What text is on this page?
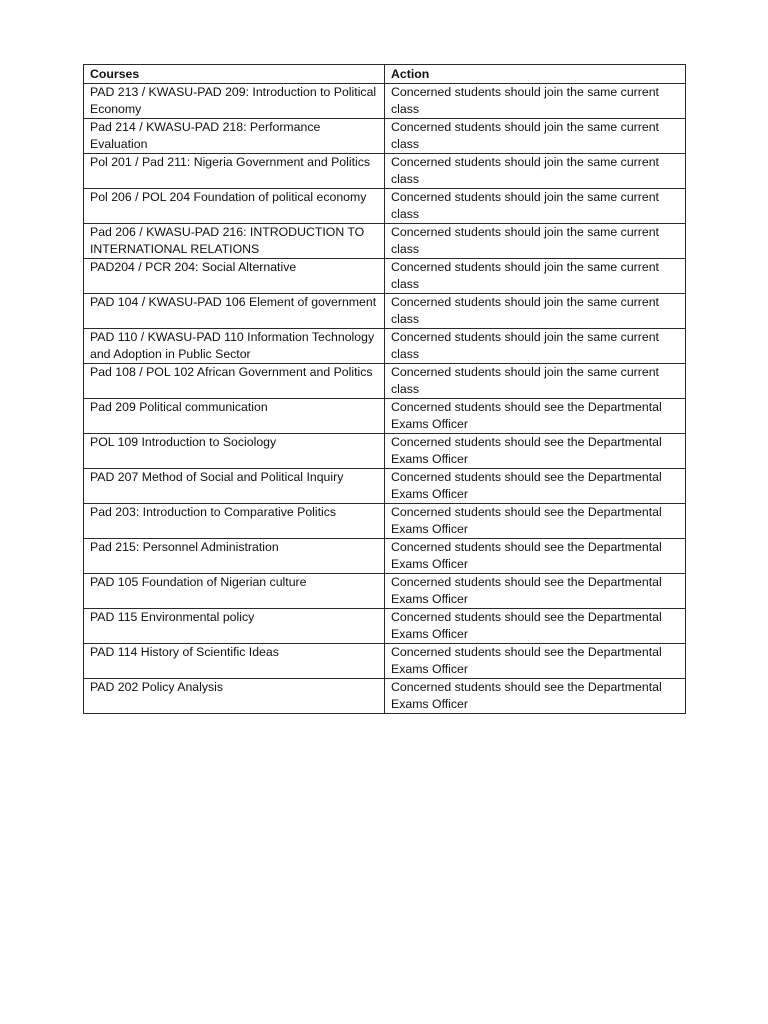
Courses	Action
PAD 213 / KWASU-PAD 209: Introduction to Political Economy	Concerned students should join the same current class
Pad 214 / KWASU-PAD 218: Performance Evaluation	Concerned students should join the same current class
Pol 201 / Pad 211: Nigeria Government and Politics	Concerned students should join the same current class
Pol 206 / POL 204 Foundation of political economy	Concerned students should join the same current class
Pad 206 / KWASU-PAD 216: INTRODUCTION TO INTERNATIONAL RELATIONS	Concerned students should join the same current class
PAD204 / PCR 204: Social Alternative	Concerned students should join the same current class
PAD 104 / KWASU-PAD 106 Element of government	Concerned students should join the same current class
PAD 110 / KWASU-PAD 110 Information Technology and Adoption in Public Sector	Concerned students should join the same current class
Pad 108 / POL 102 African Government and Politics	Concerned students should join the same current class
Pad 209 Political communication	Concerned students should see the Departmental Exams Officer
POL 109 Introduction to Sociology	Concerned students should see the Departmental Exams Officer
PAD 207 Method of Social and Political Inquiry	Concerned students should see the Departmental Exams Officer
Pad 203: Introduction to Comparative Politics	Concerned students should see the Departmental Exams Officer
Pad 215: Personnel Administration	Concerned students should see the Departmental Exams Officer
PAD 105 Foundation of Nigerian culture	Concerned students should see the Departmental Exams Officer
PAD 115 Environmental policy	Concerned students should see the Departmental Exams Officer
PAD 114 History of Scientific Ideas	Concerned students should see the Departmental Exams Officer
PAD 202 Policy Analysis	Concerned students should see the Departmental Exams Officer
